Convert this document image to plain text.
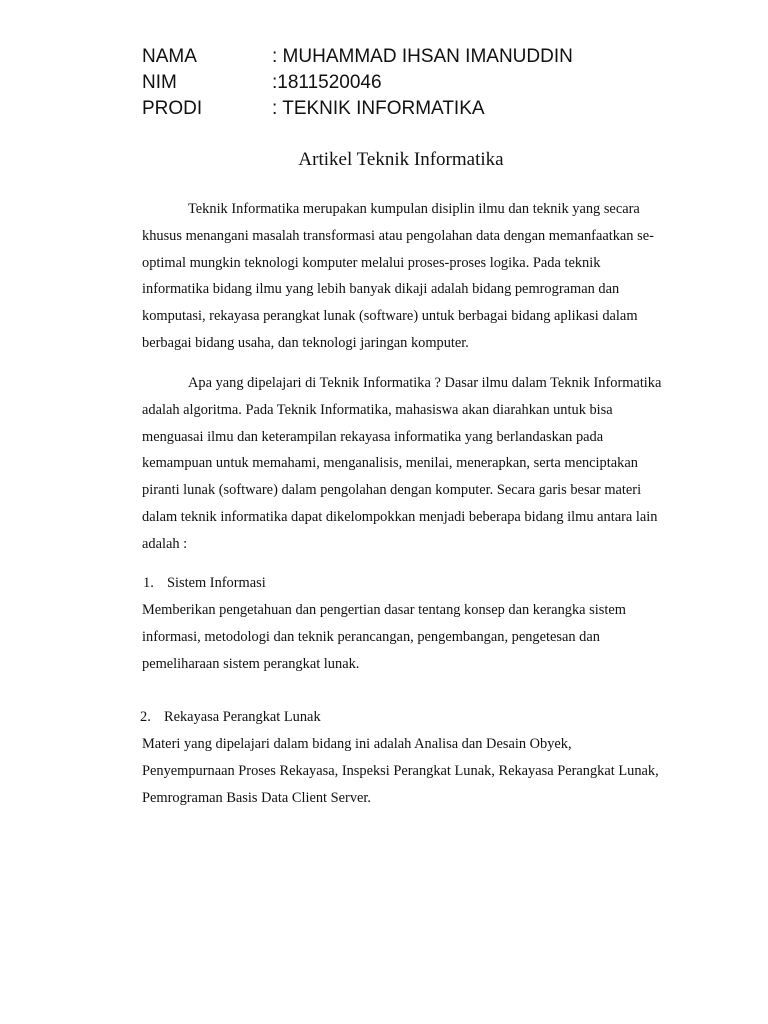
NAMA	: MUHAMMAD IHSAN IMANUDDIN
NIM	:1811520046
PRODI	: TEKNIK INFORMATIKA
Artikel Teknik Informatika

Teknik Informatika merupakan kumpulan disiplin ilmu dan teknik yang secara khusus menangani masalah transformasi atau pengolahan data dengan memanfaatkan se-optimal mungkin teknologi komputer melalui proses-proses logika. Pada teknik informatika bidang ilmu yang lebih banyak dikaji adalah bidang pemrograman dan komputasi, rekayasa perangkat lunak (software) untuk berbagai bidang aplikasi dalam berbagai bidang usaha, dan teknologi jaringan komputer.

Apa yang dipelajari di Teknik Informatika ? Dasar ilmu dalam Teknik Informatika adalah algoritma. Pada Teknik Informatika, mahasiswa akan diarahkan untuk bisa menguasai ilmu dan keterampilan rekayasa informatika yang berlandaskan pada kemampuan untuk memahami, menganalisis, menilai, menerapkan, serta menciptakan piranti lunak (software) dalam pengolahan dengan komputer. Secara garis besar materi dalam teknik informatika dapat dikelompokkan menjadi beberapa bidang ilmu antara lain adalah :

1. Sistem Informasi

Memberikan pengetahuan dan pengertian dasar tentang konsep dan kerangka sistem informasi, metodologi dan teknik perancangan, pengembangan, pengetesan dan pemeliharaan sistem perangkat lunak.

2. Rekayasa Perangkat Lunak

Materi yang dipelajari dalam bidang ini adalah Analisa dan Desain Obyek, Penyempurnaan Proses Rekayasa, Inspeksi Perangkat Lunak, Rekayasa Perangkat Lunak, Pemrograman Basis Data Client Server.
